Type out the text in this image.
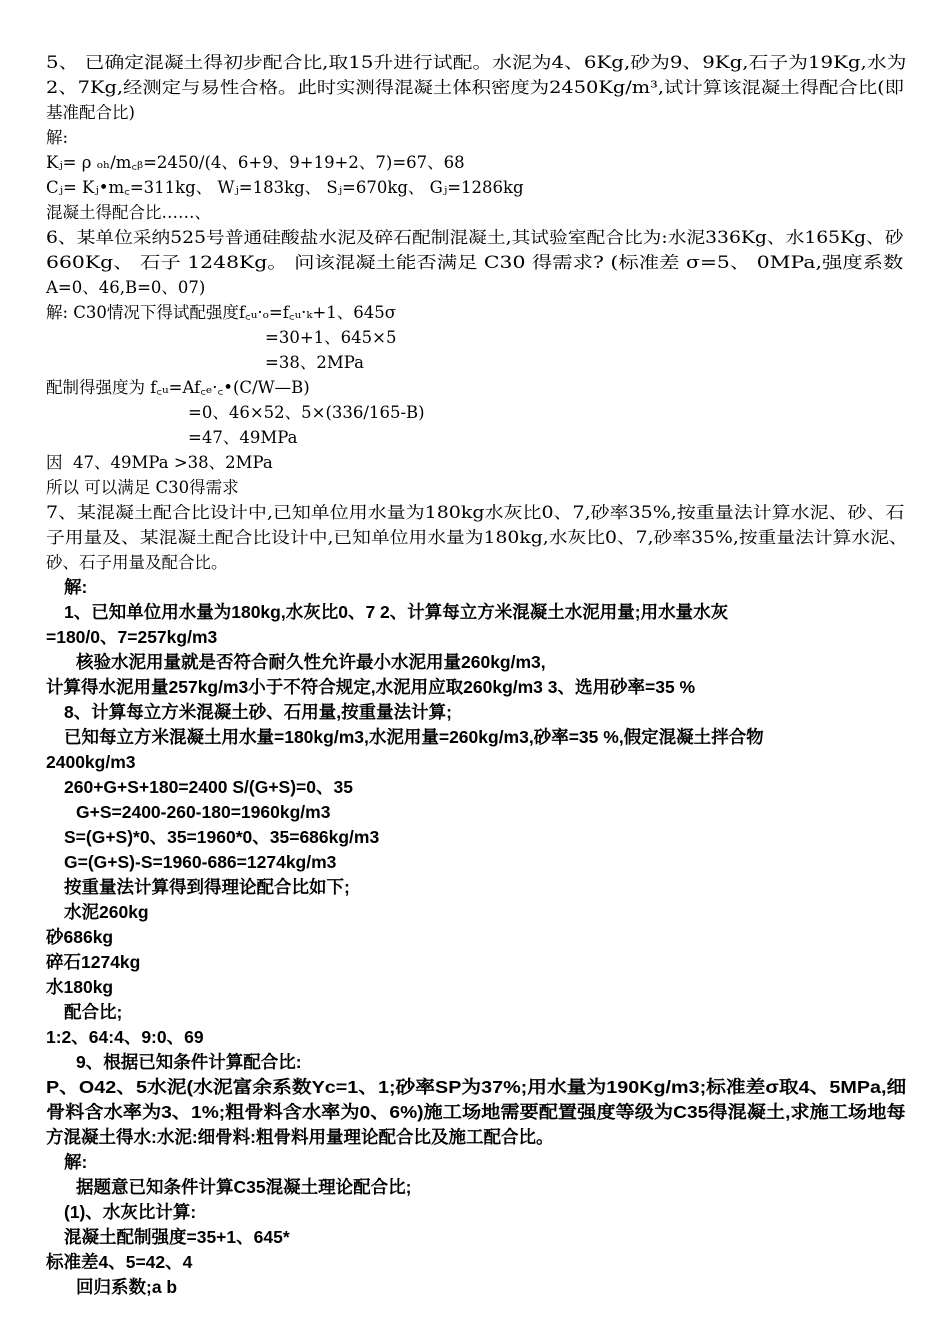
5、 已确定混凝土得初步配合比,取15升进行试配。水泥为4、6Kg,砂为9、9Kg,石子为19Kg,水为
2、7Kg,经测定与易性合格。此时实测得混凝土体积密度为2450Kg/m³,试计算该混凝土得配合比(即
基准配合比)
解:
Kⱼ= ρ ₒₕ/m꜀ᵦ=2450/(4、6+9、9+19+2、7)=67、68
Cⱼ= Kⱼ•m꜀=311kg、 Wⱼ=183kg、 Sⱼ=670kg、 Gⱼ=1286kg
混凝土得配合比……、
6、某单位采纳525号普通硅酸盐水泥及碎石配制混凝土,其试验室配合比为:水泥336Kg、水165Kg、砂
660Kg、 石子 1248Kg。 问该混凝土能否满足 C30 得需求? (标准差 σ=5、 0MPa,强度系数
A=0、46,B=0、07)
解: C30情况下得试配强度f꜀ᵤ·ₒ=f꜀ᵤ·ₖ+1、645σ
=30+1、645×5
=38、2MPa
配制得强度为 f꜀ᵤ=Af꜀ₑ·꜀•(C/W—B)
=0、46×52、5×(336/165-B)
=47、49MPa
因  47、49MPa >38、2MPa
所以 可以满足 C30得需求
7、某混凝土配合比设计中,已知单位用水量为180kg水灰比0、7,砂率35%,按重量法计算水泥、砂、石
子用量及、某混凝土配合比设计中,已知单位用水量为180kg,水灰比0、7,砂率35%,按重量法计算水泥、
砂、石子用量及配合比。
解:
1、已知单位用水量为180kg,水灰比0、7 2、计算每立方米混凝土水泥用量;用水量水灰
=180/0、7=257kg/m3
核验水泥用量就是否符合耐久性允许最小水泥用量260kg/m3,
计算得水泥用量257kg/m3小于不符合规定,水泥用应取260kg/m3 3、选用砂率=35 %
8、计算每立方米混凝土砂、石用量,按重量法计算;
已知每立方米混凝土用水量=180kg/m3,水泥用量=260kg/m3,砂率=35 %,假定混凝土拌合物
2400kg/m3
260+G+S+180=2400 S/(G+S)=0、35
G+S=2400-260-180=1960kg/m3
S=(G+S)*0、35=1960*0、35=686kg/m3
G=(G+S)-S=1960-686=1274kg/m3
按重量法计算得到得理论配合比如下;
水泥260kg
砂686kg
碎石1274kg
水180kg
配合比;
1:2、64:4、9:0、69
9、根据已知条件计算配合比:
P、O42、5水泥(水泥富余系数Yc=1、1;砂率SP为37%;用水量为190Kg/m3;标准差σ取4、5MPa,细
骨料含水率为3、1%;粗骨料含水率为0、6%)施工场地需要配置强度等级为C35得混凝土,求施工场地每
方混凝土得水:水泥:细骨料:粗骨料用量理论配合比及施工配合比。
解:
据题意已知条件计算C35混凝土理论配合比;
(1)、水灰比计算:
混凝土配制强度=35+1、645*
标准差4、5=42、4
回归系数;a b
